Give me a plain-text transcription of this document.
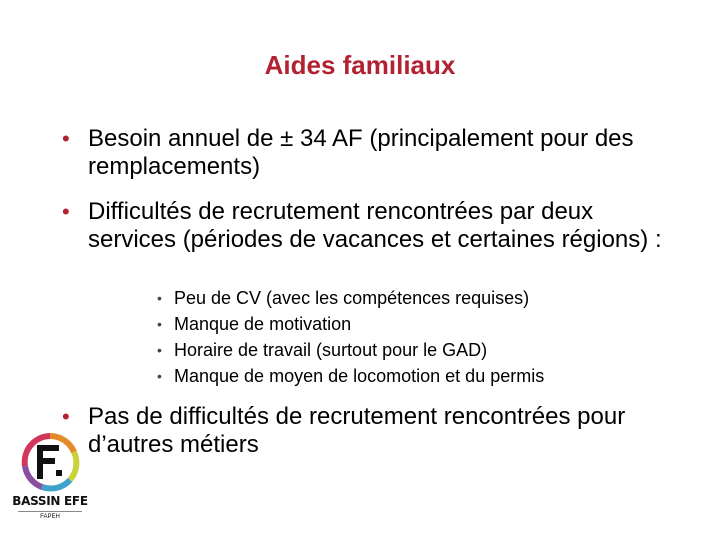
Aides familiaux
• Besoin annuel de ± 34 AF (principalement pour des remplacements)
• Difficultés de recrutement rencontrées par deux services (périodes de vacances et certaines régions) :
• Peu de CV (avec les compétences requises)
• Manque de motivation
• Horaire de travail (surtout pour le GAD)
• Manque de moyen de locomotion et du permis
• Pas de difficultés de recrutement rencontrées pour d’autres métiers
BASSIN EFE
FAPEH
